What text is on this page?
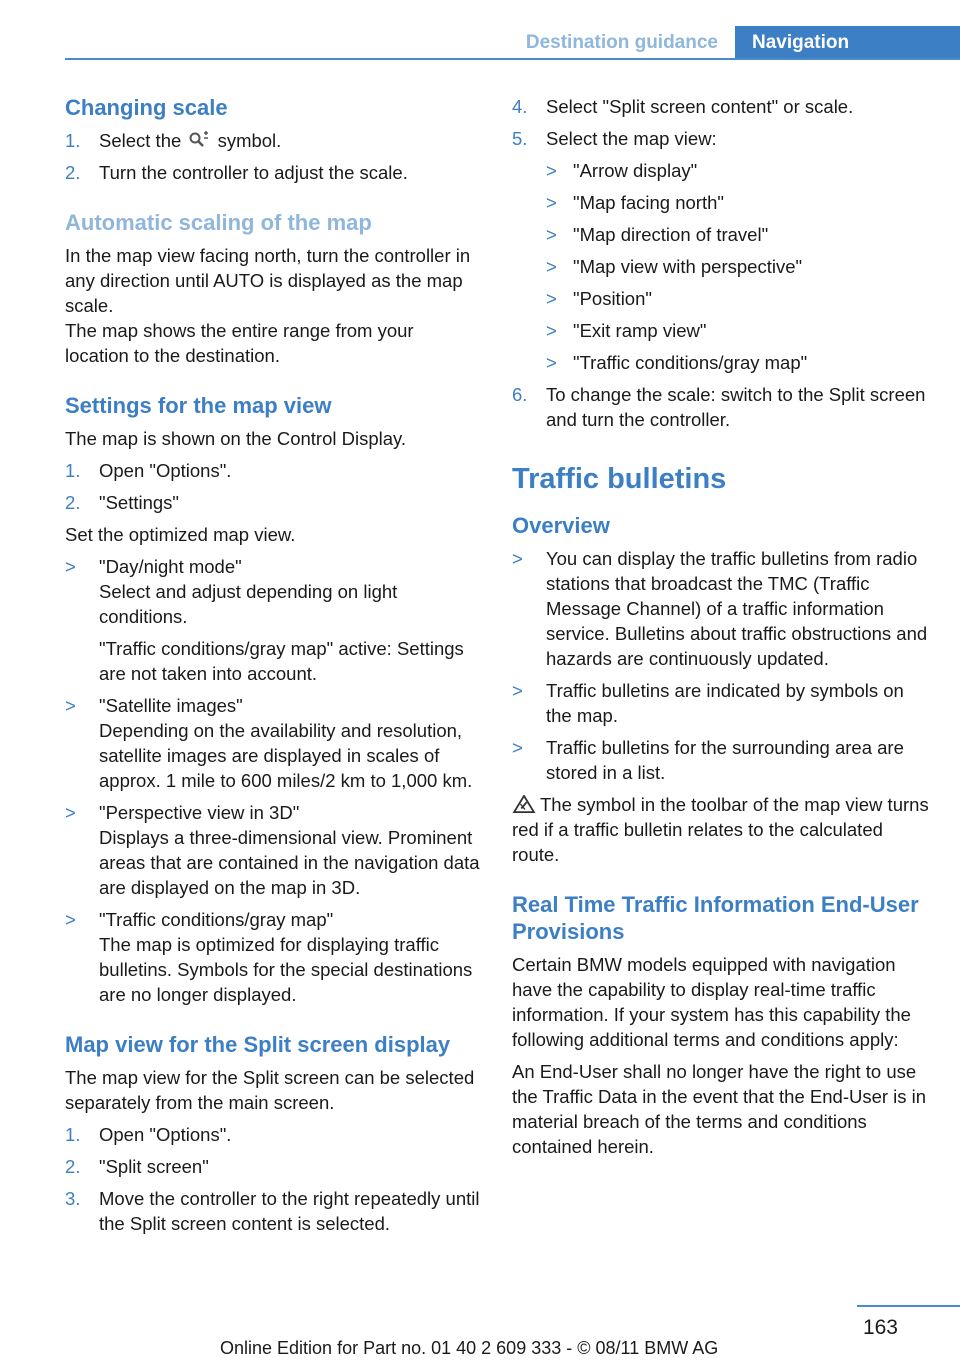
Destination guidance	Navigation
Changing scale
1. Select the symbol.
2. Turn the controller to adjust the scale.
Automatic scaling of the map

In the map view facing north, turn the controller in any direction until AUTO is displayed as the map scale.

The map shows the entire range from your location to the destination.

Settings for the map view

The map is shown on the Control Display.

1. Open "Options".
2. "Settings"

Set the optimized map view.

> "Day/night mode"
Select and adjust depending on light conditions.
"Traffic conditions/gray map" active: Settings are not taken into account.
> "Satellite images"
Depending on the availability and resolution, satellite images are displayed in scales of approx. 1 mile to 600 miles/2 km to 1,000 km.
> "Perspective view in 3D"
Displays a three-dimensional view. Prominent areas that are contained in the navigation data are displayed on the map in 3D.
> "Traffic conditions/gray map"
The map is optimized for displaying traffic bulletins. Symbols for the special destinations are no longer displayed.
Map view for the Split screen display

The map view for the Split screen can be selected separately from the main screen.

1. Open "Options".
2. "Split screen"
3. Move the controller to the right repeatedly until the Split screen content is selected.
4. Select "Split screen content" or scale.
5. Select the map view:
> "Arrow display"
> "Map facing north"
> "Map direction of travel"
> "Map view with perspective"
> "Position"
> "Exit ramp view"
> "Traffic conditions/gray map"
6. To change the scale: switch to the Split screen and turn the controller.
Traffic bulletins
Overview
> You can display the traffic bulletins from radio stations that broadcast the TMC (Traffic Message Channel) of a traffic information service. Bulletins about traffic obstructions and hazards are continuously updated.
> Traffic bulletins are indicated by symbols on the map.
> Traffic bulletins for the surrounding area are stored in a list.

The symbol in the toolbar of the map view turns red if a traffic bulletin relates to the calculated route.

Real Time Traffic Information End-User Provisions

Certain BMW models equipped with navigation have the capability to display real-time traffic information. If your system has this capability the following additional terms and conditions apply:

An End-User shall no longer have the right to use the Traffic Data in the event that the End-User is in material breach of the terms and conditions contained herein.

163
Online Edition for Part no. 01 40 2 609 333 - © 08/11 BMW AG
